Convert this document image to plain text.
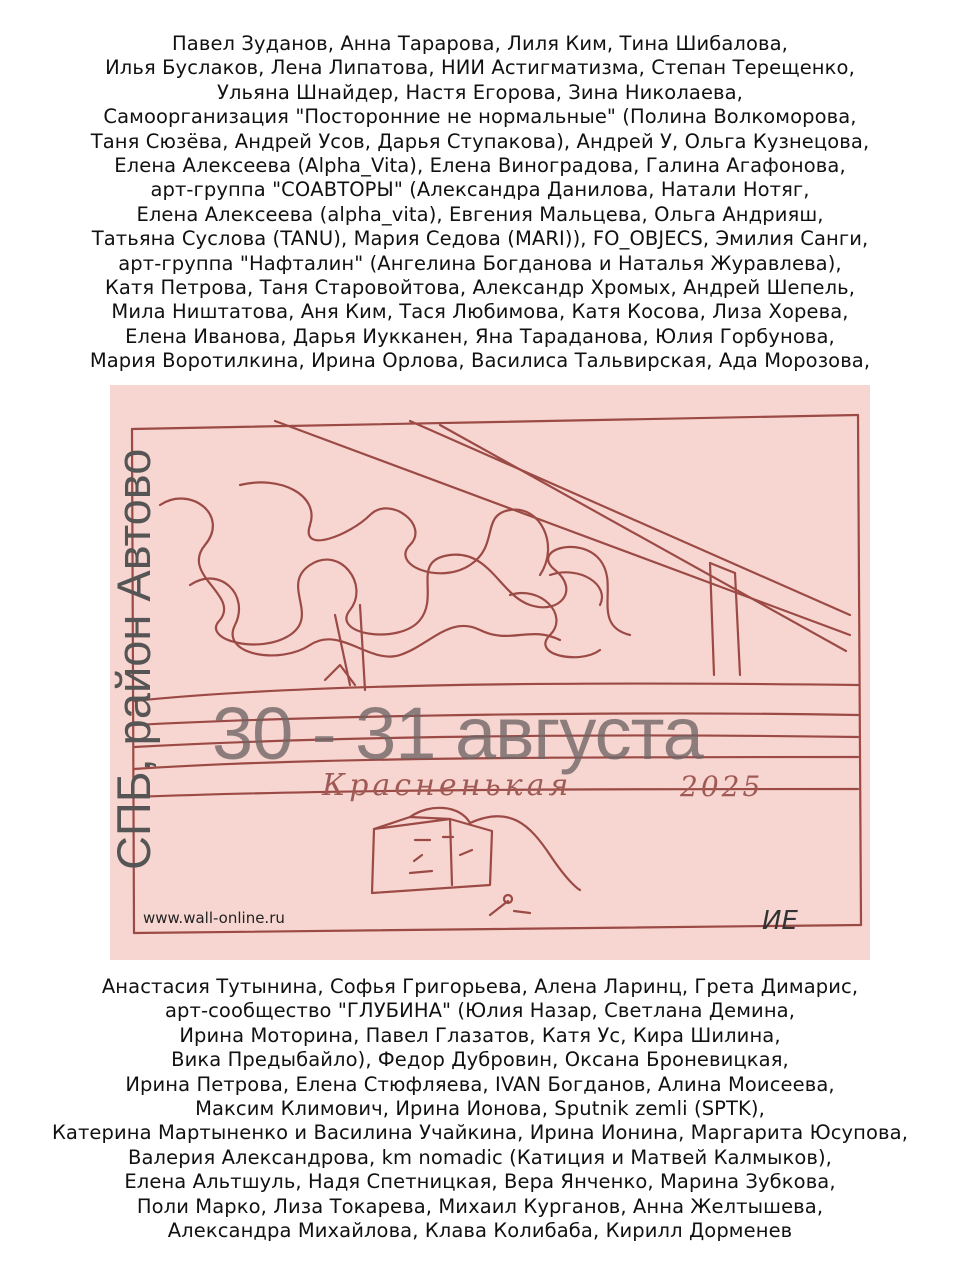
Павел Зуданов, Анна Тарарова, Лиля Ким, Тина Шибалова,
Илья Буслаков, Лена Липатова, НИИ Астигматизма, Степан Терещенко,
Ульяна Шнайдер, Настя Егорова, Зина Николаева,
Самоорганизация "Посторонние не нормальные" (Полина Волкоморова,
Таня Сюзёва, Андрей Усов, Дарья Ступакова), Андрей У, Ольга Кузнецова,
Елена Алексеева (Alpha_Vita), Елена Виноградова, Галина Агафонова,
арт-группа "СОАВТОРЫ" (Александра Данилова, Натали Нотяг,
Елена Алексеева (alpha_vita), Евгения Мальцева, Ольга Андрияш,
Татьяна Суслова (TANU), Мария Седова (MARI)), FO_OBJECS, Эмилия Санги,
арт-группа "Нафталин" (Ангелина Богданова и Наталья Журавлева),
Катя Петрова, Таня Старовойтова, Александр Хромых, Андрей Шепель,
Мила Ништатова, Аня Ким, Тася Любимова, Катя Косова, Лиза Хорева,
Елена Иванова, Дарья Иукканен, Яна Тараданова, Юлия Горбунова,
Мария Воротилкина, Ирина Орлова, Василиса Тальвирская, Ада Морозова,
Красненькая	2025
СПБ, район Автово 30 - 31 августа
www.wall-online.ru	ИЕ
Анастасия Тутынина, Софья Григорьева, Алена Ларинц, Грета Димарис,
арт-сообщество "ГЛУБИНА" (Юлия Назар, Светлана Демина,
Ирина Моторина, Павел Глазатов, Катя Ус, Кира Шилина,
Вика Предыбайло), Федор Дубровин, Оксана Броневицкая,
Ирина Петрова, Елена Стюфляева, IVAN Богданов, Алина Моисеева,
Максим Климович, Ирина Ионова, Sputnik zemli (SPTK),
Катерина Мартыненко и Василина Учайкина, Ирина Ионина, Маргарита Юсупова,
Валерия Александрова, km nomadic (Катиция и Матвей Калмыков),
Елена Альтшуль, Надя Спетницкая, Вера Янченко, Марина Зубкова,
Поли Марко, Лиза Токарева, Михаил Курганов, Анна Желтышева,
Александра Михайлова, Клава Колибаба, Кирилл Дорменев
